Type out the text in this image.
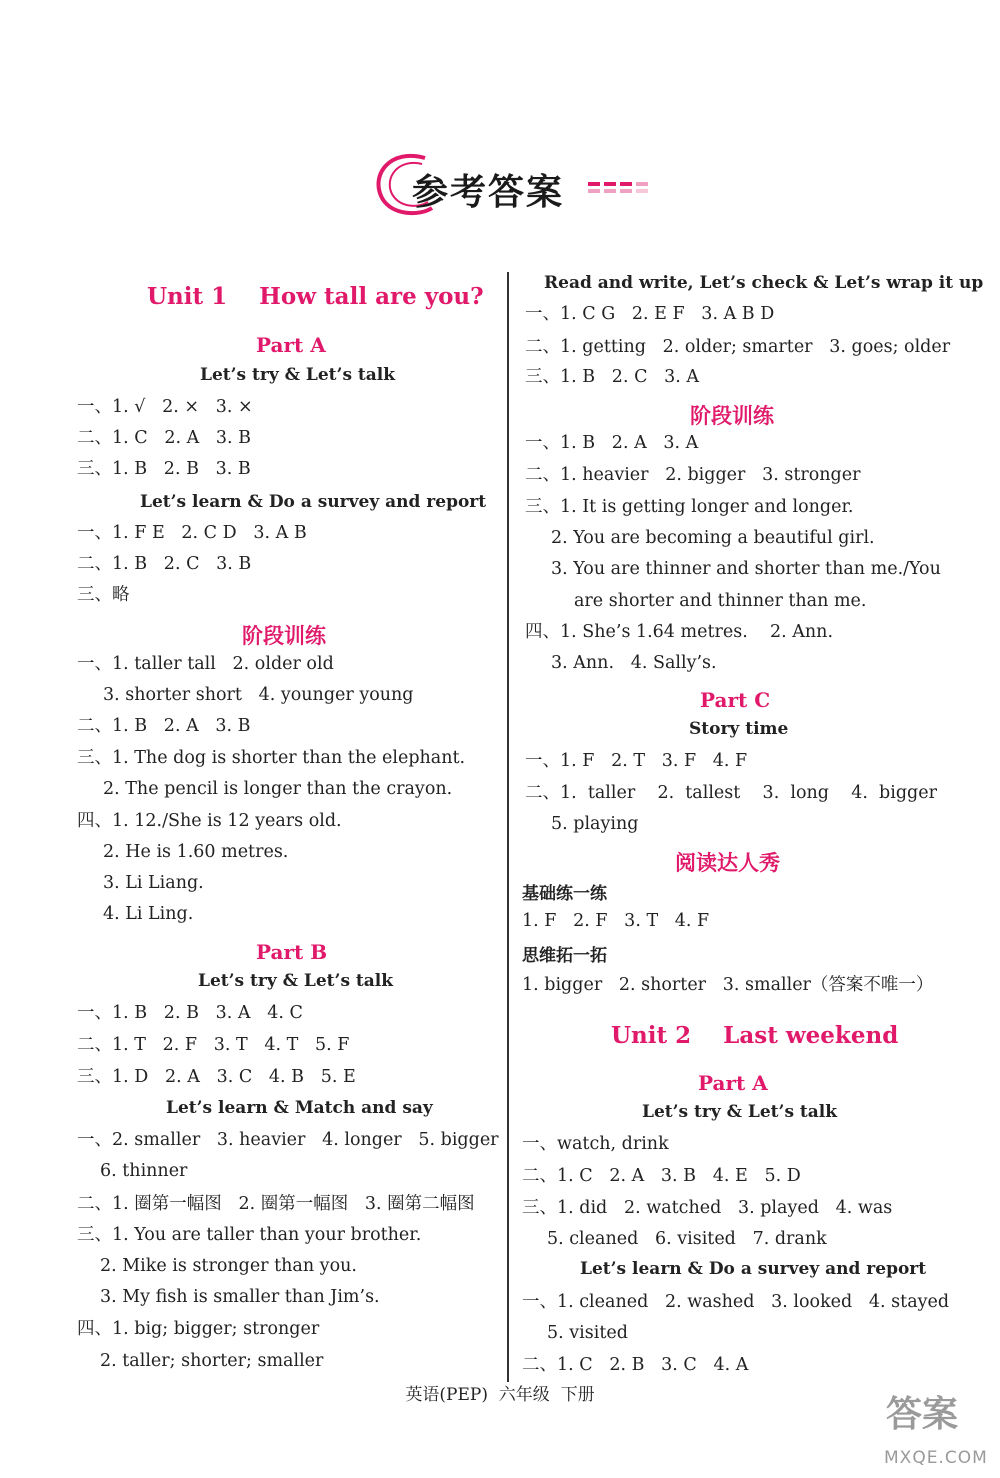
参考答案
Unit 1    How tall are you?
Part A
Let’s try & Let’s talk
一、1. √   2. ×   3. ×
二、1. C   2. A   3. B
三、1. B   2. B   3. B
Let’s learn & Do a survey and report
一、1. F E   2. C D   3. A B
二、1. B   2. C   3. B
三、略
阶段训练
一、1. taller tall   2. older old
3. shorter short   4. younger young
二、1. B   2. A   3. B
三、1. The dog is shorter than the elephant.
2. The pencil is longer than the crayon.
四、1. 12./She is 12 years old.
2. He is 1.60 metres.
3. Li Liang.
4. Li Ling.
Part B
Let’s try & Let’s talk
一、1. B   2. B   3. A   4. C
二、1. T   2. F   3. T   4. T   5. F
三、1. D   2. A   3. C   4. B   5. E
Let’s learn & Match and say
一、2. smaller   3. heavier   4. longer   5. bigger
6. thinner
二、1. 圈第一幅图   2. 圈第一幅图   3. 圈第二幅图
三、1. You are taller than your brother.
2. Mike is stronger than you.
3. My fish is smaller than Jim’s.
四、1. big; bigger; stronger
2. taller; shorter; smaller
Read and write, Let’s check & Let’s wrap it up
一、1. C G   2. E F   3. A B D
二、1. getting   2. older; smarter   3. goes; older
三、1. B   2. C   3. A
阶段训练
一、1. B   2. A   3. A
二、1. heavier   2. bigger   3. stronger
三、1. It is getting longer and longer.
2. You are becoming a beautiful girl.
3. You are thinner and shorter than me./You
are shorter and thinner than me.
四、1. She’s 1.64 metres.    2. Ann.
3. Ann.   4. Sally’s.
Part C
Story time
一、1. F   2. T   3. F   4. F
二、1.  taller    2.  tallest    3.  long    4.  bigger
5. playing
阅读达人秀
基础练一练
1. F   2. F   3. T   4. F
思维拓一拓
1. bigger   2. shorter   3. smaller（答案不唯一）
Unit 2    Last weekend
Part A
Let’s try & Let’s talk
一、watch, drink
二、1. C   2. A   3. B   4. E   5. D
三、1. did   2. watched   3. played   4. was
5. cleaned   6. visited   7. drank
Let’s learn & Do a survey and report
一、1. cleaned   2. washed   3. looked   4. stayed
5. visited
二、1. C   2. B   3. C   4. A
英语(PEP)  六年级  下册	答案
MXQE.COM
